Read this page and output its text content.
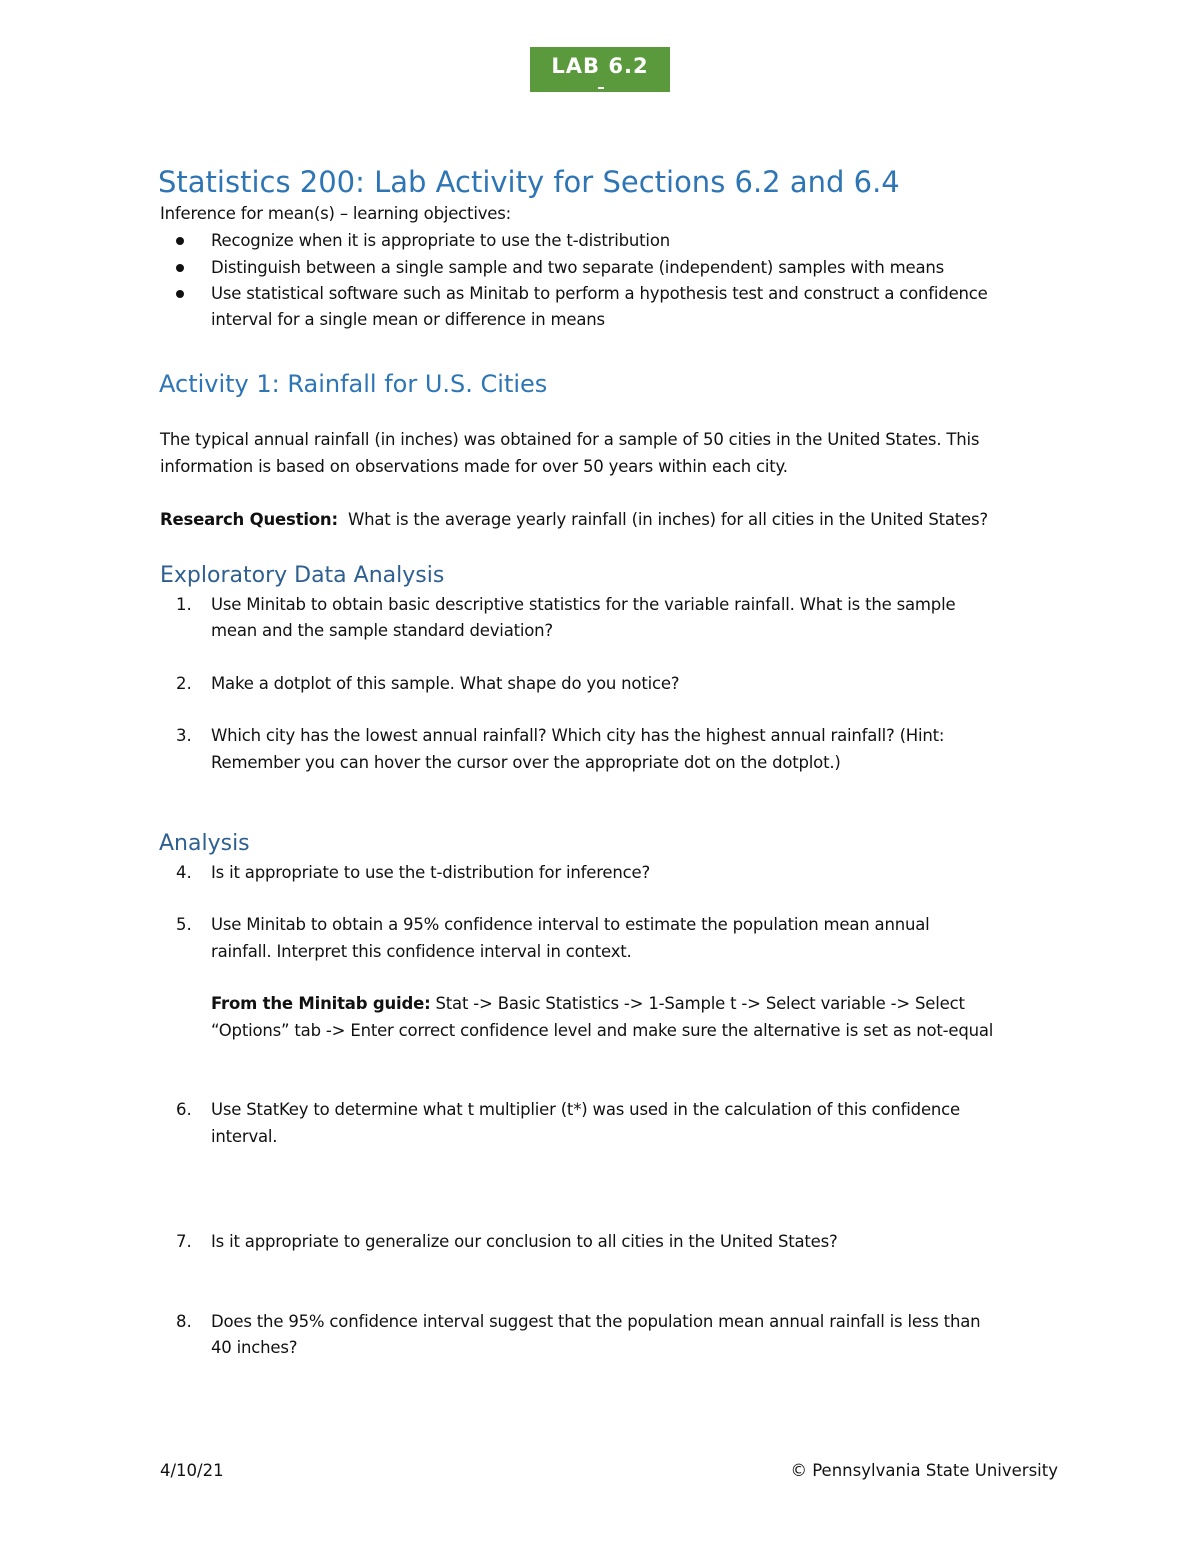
LAB 6.2
Statistics 200: Lab Activity for Sections 6.2 and 6.4
Inference for mean(s) – learning objectives:
Recognize when it is appropriate to use the t-distribution
Distinguish between a single sample and two separate (independent) samples with means
Use statistical software such as Minitab to perform a hypothesis test and construct a confidence
interval for a single mean or difference in means
Activity 1: Rainfall for U.S. Cities
The typical annual rainfall (in inches) was obtained for a sample of 50 cities in the United States. This
information is based on observations made for over 50 years within each city.
Research Question: What is the average yearly rainfall (in inches) for all cities in the United States?
Exploratory Data Analysis
1. Use Minitab to obtain basic descriptive statistics for the variable rainfall. What is the sample
mean and the sample standard deviation?
2. Make a dotplot of this sample. What shape do you notice?
3. Which city has the lowest annual rainfall? Which city has the highest annual rainfall? (Hint:
Remember you can hover the cursor over the appropriate dot on the dotplot.)
Analysis
4. Is it appropriate to use the t-distribution for inference?
5. Use Minitab to obtain a 95% confidence interval to estimate the population mean annual
rainfall. Interpret this confidence interval in context.
From the Minitab guide: Stat -> Basic Statistics -> 1-Sample t -> Select variable -> Select
“Options” tab -> Enter correct confidence level and make sure the alternative is set as not-equal
6. Use StatKey to determine what t multiplier (t*) was used in the calculation of this confidence
interval.
7. Is it appropriate to generalize our conclusion to all cities in the United States?
8. Does the 95% confidence interval suggest that the population mean annual rainfall is less than
40 inches?
4/10/21	© Pennsylvania State University
